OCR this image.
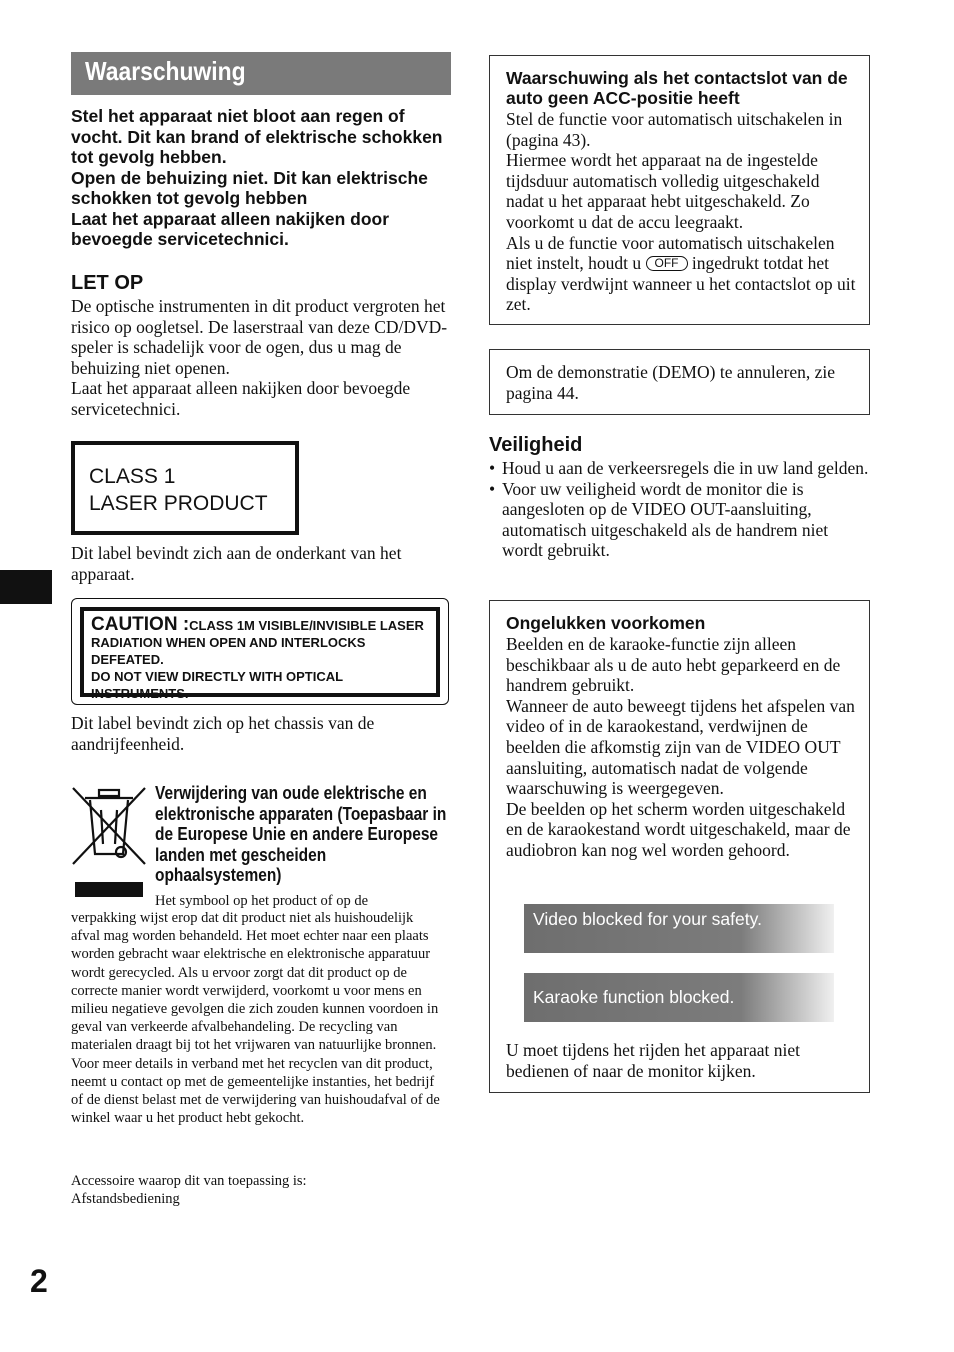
Waarschuwing

Stel het apparaat niet bloot aan regen of vocht. Dit kan brand of elektrische schokken tot gevolg hebben.
Open de behuizing niet. Dit kan elektrische schokken tot gevolg hebben
Laat het apparaat alleen nakijken door bevoegde servicetechnici.

LET OP

De optische instrumenten in dit product vergroten het risico op oogletsel. De laserstraal van deze CD/DVD-speler is schadelijk voor de ogen, dus u mag de behuizing niet openen.
Laat het apparaat alleen nakijken door bevoegde servicetechnici.

CLASS 1
LASER PRODUCT

Dit label bevindt zich aan de onderkant van het apparaat.

CAUTION :CLASS 1M VISIBLE/INVISIBLE LASER
RADIATION WHEN OPEN AND INTERLOCKS DEFEATED.
DO NOT VIEW DIRECTLY WITH OPTICAL INSTRUMENTS.

Dit label bevindt zich op het chassis van de aandrijfeenheid.

Verwijdering van oude elektrische en elektronische apparaten (Toepasbaar in de Europese Unie en andere Europese landen met gescheiden ophaalsystemen)

Het symbool op het product of op de

verpakking wijst erop dat dit product niet als huishoudelijk afval mag worden behandeld. Het moet echter naar een plaats worden gebracht waar elektrische en elektronische apparatuur wordt gerecycled. Als u ervoor zorgt dat dit product op de correcte manier wordt verwijderd, voorkomt u voor mens en milieu negatieve gevolgen die zich zouden kunnen voordoen in geval van verkeerde afvalbehandeling. De recycling van materialen draagt bij tot het vrijwaren van natuurlijke bronnen. Voor meer details in verband met het recyclen van dit product, neemt u contact op met de gemeentelijke instanties, het bedrijf of de dienst belast met de verwijdering van huishoudafval of de winkel waar u het product hebt gekocht.

Accessoire waarop dit van toepassing is:
Afstandsbediening

2
Waarschuwing als het contactslot van de auto geen ACC-positie heeft

Stel de functie voor automatisch uitschakelen in (pagina 43).
Hiermee wordt het apparaat na de ingestelde tijdsduur automatisch volledig uitgeschakeld nadat u het apparaat hebt uitgeschakeld. Zo voorkomt u dat de accu leegraakt.
Als u de functie voor automatisch uitschakelen niet instelt, houdt u OFF ingedrukt totdat het display verdwijnt wanneer u het contactslot op uit zet.

Om de demonstratie (DEMO) te annuleren, zie pagina 44.

Veiligheid
• Houd u aan de verkeersregels die in uw land gelden.
• Voor uw veiligheid wordt de monitor die is aangesloten op de VIDEO OUT-aansluiting, automatisch uitgeschakeld als de handrem niet wordt gebruikt.
Ongelukken voorkomen

Beelden en de karaoke-functie zijn alleen beschikbaar als u de auto hebt geparkeerd en de handrem gebruikt.
Wanneer de auto beweegt tijdens het afspelen van video of in de karaokestand, verdwijnen de beelden die afkomstig zijn van de VIDEO OUT aansluiting, automatisch nadat de volgende waarschuwing is weergegeven.
De beelden op het scherm worden uitgeschakeld en de karaokestand wordt uitgeschakeld, maar de audiobron kan nog wel worden gehoord.

Video blocked for your safety.
Karaoke function blocked.

U moet tijdens het rijden het apparaat niet bedienen of naar de monitor kijken.
